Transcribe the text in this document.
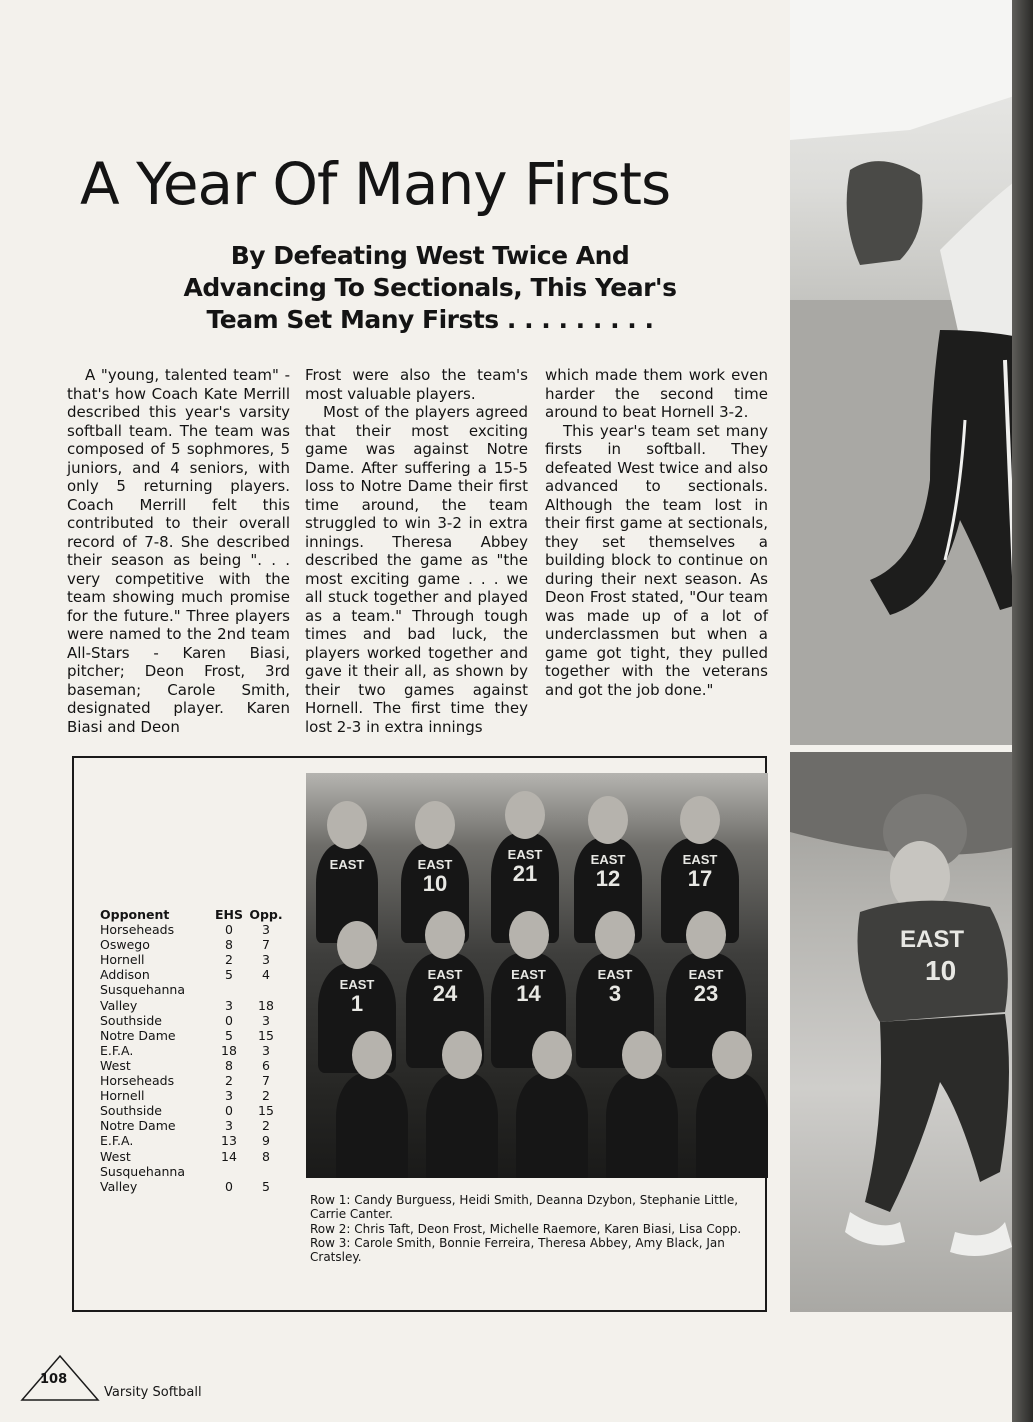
EAST
10
A Year Of Many Firsts
By Defeating West Twice And
Advancing To Sectionals, This Year's
Team Set Many Firsts . . . . . . . . .

A "young, talented team" - that's how Coach Kate Merrill described this year's varsity softball team. The team was composed of 5 sophmores, 5 juniors, and 4 seniors, with only 5 returning players. Coach Merrill felt this contributed to their overall record of 7-8. She described their season as being ". . . very competitive with the team showing much promise for the future." Three players were named to the 2nd team All-Stars - Karen Biasi, pitcher; Deon Frost, 3rd baseman; Carole Smith, designated player. Karen Biasi and Deon

Frost were also the team's most valuable players.

Most of the players agreed that their most exciting game was against Notre Dame. After suffering a 15-5 loss to Notre Dame their first time around, the team struggled to win 3-2 in extra innings. Theresa Abbey described the game as "the most exciting game . . . we all stuck together and played as a team." Through tough times and bad luck, the players worked together and gave it their all, as shown by their two games against Hornell. The first time they lost 2-3 in extra innings

which made them work even harder the second time around to beat Hornell 3-2.

This year's team set many firsts in softball. They defeated West twice and also advanced to sectionals. Although the team lost in their first game at sectionals, they set themselves a building block to continue on during their next season. As Deon Frost stated, "Our team was made up of a lot of underclassmen but when a game got tight, they pulled together with the veterans and got the job done."

Opponent	EHS Opp.
Horseheads	0	3
Oswego	8	7
Hornell	2	3
Addison	5	4
Susquehanna
Valley	3	18
Southside	0	3
Notre Dame	5	15
E.F.A.	18	3
West	8	6
Horseheads	2	7
Hornell	3	2
Southside	0	15
Notre Dame	3	2
E.F.A.	13	9
West	14	8
Susquehanna
Valley	0	5
EAST	EAST
10
EAST
21
EAST
12
EAST
17
EAST
1
EAST
24
EAST
14
EAST
3
EAST
23

Row 1: Candy Burguess, Heidi Smith, Deanna Dzybon, Stephanie Little, Carrie Canter.

Row 2: Chris Taft, Deon Frost, Michelle Raemore, Karen Biasi, Lisa Copp.

Row 3: Carole Smith, Bonnie Ferreira, Theresa Abbey, Amy Black, Jan Cratsley.

108
Varsity Softball
